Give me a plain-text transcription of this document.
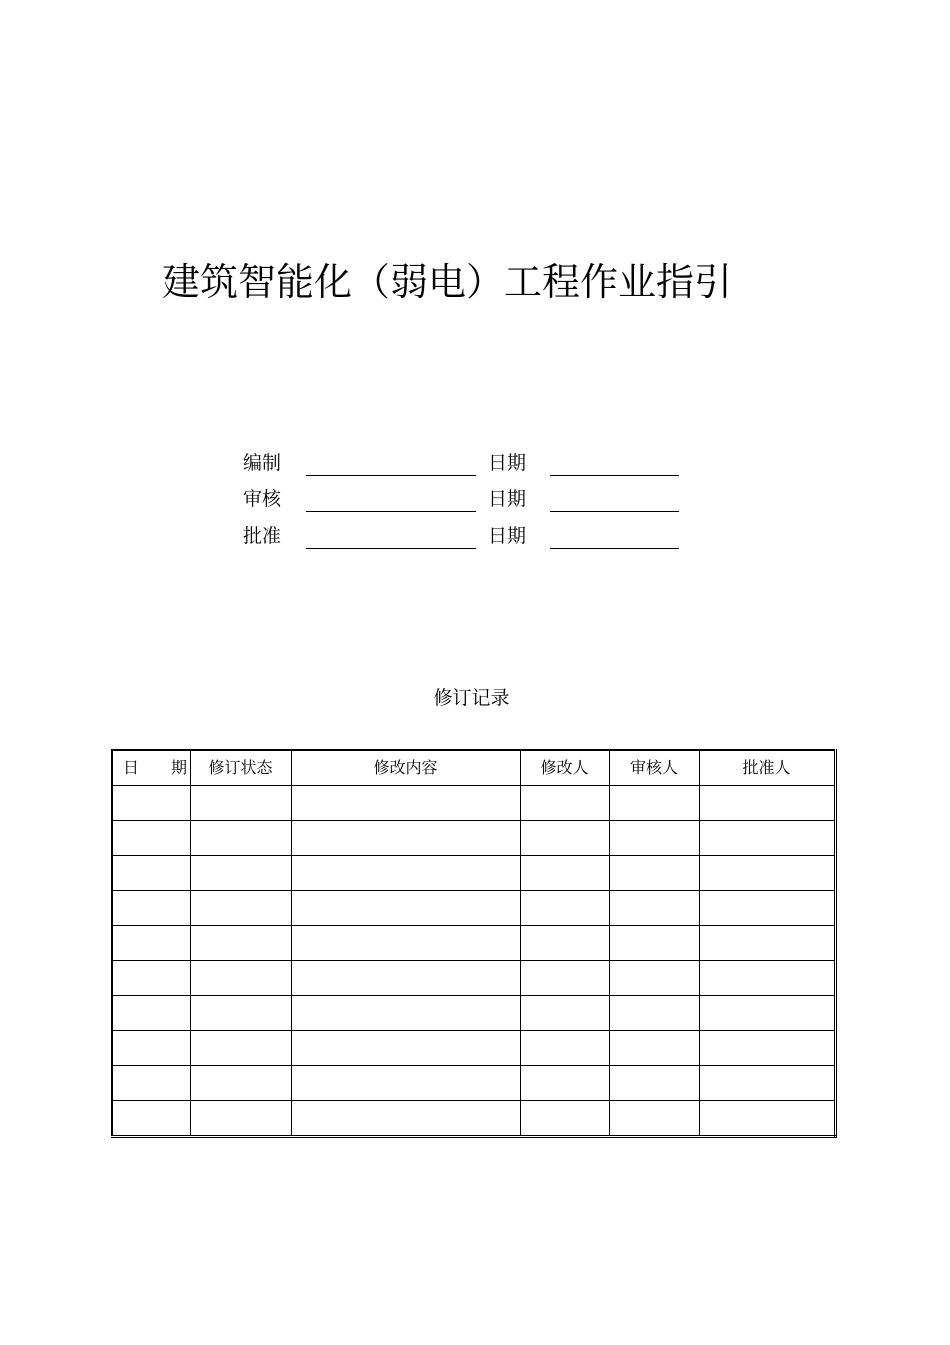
建筑智能化（弱电）工程作业指引
编制	日期
审核	日期
批准	日期
修订记录
日　　期	修订状态	修改内容	修改人	审核人	批准人
